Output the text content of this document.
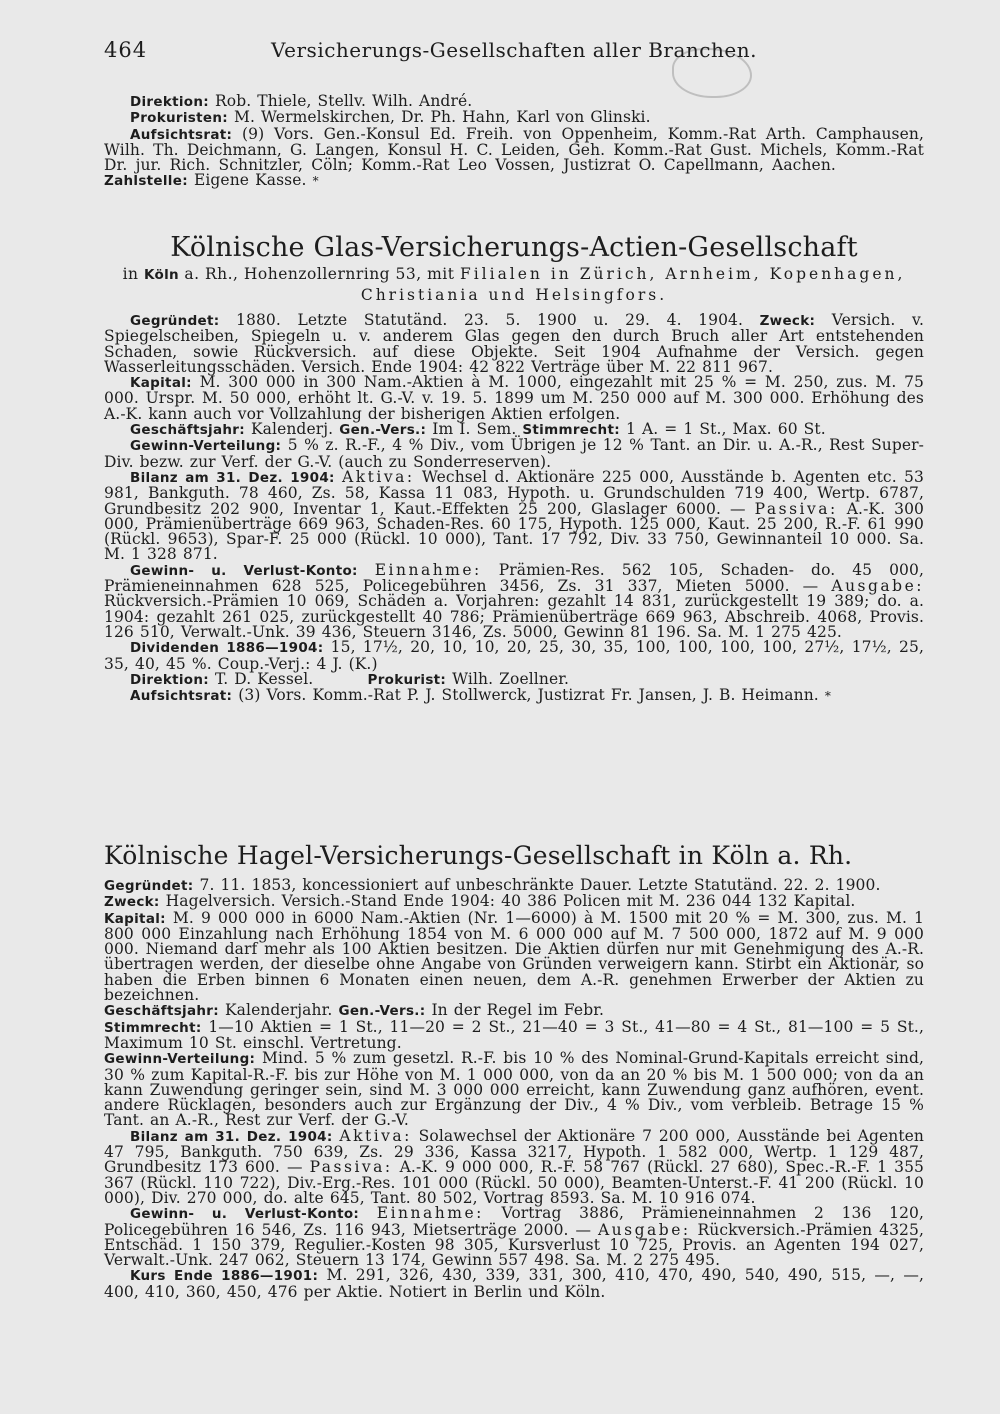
464	Versicherungs-Gesellschaften aller Branchen.

Direktion: Rob. Thiele, Stellv. Wilh. André.

Prokuristen: M. Wermelskirchen, Dr. Ph. Hahn, Karl von Glinski.

Aufsichtsrat: (9) Vors. Gen.-Konsul Ed. Freih. von Oppenheim, Komm.-Rat Arth. Camphausen, Wilh. Th. Deichmann, G. Langen, Konsul H. C. Leiden, Geh. Komm.-Rat Gust. Michels, Komm.-Rat Dr. jur. Rich. Schnitzler, Cöln; Komm.-Rat Leo Vossen, Justizrat O. Capellmann, Aachen.            Zahlstelle: Eigene Kasse. *

Kölnische Glas-Versicherungs-Actien-Gesellschaft

in Köln a. Rh., Hohenzollernring 53, mit Filialen in Zürich, Arnheim, Kopenhagen, Christiania und Helsingfors.

Gegründet: 1880. Letzte Statutänd. 23. 5. 1900 u. 29. 4. 1904. Zweck: Versich. v. Spiegelscheiben, Spiegeln u. v. anderem Glas gegen den durch Bruch aller Art entstehenden Schaden, sowie Rückversich. auf diese Objekte. Seit 1904 Aufnahme der Versich. gegen Wasserleitungsschäden. Versich. Ende 1904: 42 822 Verträge über M. 22 811 967.

Kapital: M. 300 000 in 300 Nam.-Aktien à M. 1000, eingezahlt mit 25 % = M. 250, zus. M. 75 000. Urspr. M. 50 000, erhöht lt. G.-V. v. 19. 5. 1899 um M. 250 000 auf M. 300 000. Erhöhung des A.-K. kann auch vor Vollzahlung der bisherigen Aktien erfolgen.

Geschäftsjahr: Kalenderj. Gen.-Vers.: Im I. Sem. Stimmrecht: 1 A. = 1 St., Max. 60 St.

Gewinn-Verteilung: 5 % z. R.-F., 4 % Div., vom Übrigen je 12 % Tant. an Dir. u. A.-R., Rest Super-Div. bezw. zur Verf. der G.-V. (auch zu Sonderreserven).

Bilanz am 31. Dez. 1904: Aktiva: Wechsel d. Aktionäre 225 000, Ausstände b. Agenten etc. 53 981, Bankguth. 78 460, Zs. 58, Kassa 11 083, Hypoth. u. Grundschulden 719 400, Wertp. 6787, Grundbesitz 202 900, Inventar 1, Kaut.-Effekten 25 200, Glaslager 6000. — Passiva: A.-K. 300 000, Prämienüberträge 669 963, Schaden-Res. 60 175, Hypoth. 125 000, Kaut. 25 200, R.-F. 61 990 (Rückl. 9653), Spar-F. 25 000 (Rückl. 10 000), Tant. 17 792, Div. 33 750, Gewinnanteil 10 000. Sa. M. 1 328 871.

Gewinn- u. Verlust-Konto: Einnahme: Prämien-Res. 562 105, Schaden- do. 45 000, Prämieneinnahmen 628 525, Policegebühren 3456, Zs. 31 337, Mieten 5000. — Ausgabe: Rückversich.-Prämien 10 069, Schäden a. Vorjahren: gezahlt 14 831, zurückgestellt 19 389; do. a. 1904: gezahlt 261 025, zurückgestellt 40 786; Prämienüberträge 669 963, Abschreib. 4068, Provis. 126 510, Verwalt.-Unk. 39 436, Steuern 3146, Zs. 5000, Gewinn 81 196. Sa. M. 1 275 425.

Dividenden 1886—1904: 15, 17½, 20, 10, 10, 20, 25, 30, 35, 100, 100, 100, 100, 27½, 17½, 25, 35, 40, 45 %. Coup.-Verj.: 4 J. (K.)

Direktion: T. D. Kessel.	Prokurist: Wilh. Zoellner.

Aufsichtsrat: (3) Vors. Komm.-Rat P. J. Stollwerck, Justizrat Fr. Jansen, J. B. Heimann. *

Kölnische Hagel-Versicherungs-Gesellschaft in Köln a. Rh.

Gegründet: 7. 11. 1853, koncessioniert auf unbeschränkte Dauer. Letzte Statutänd. 22. 2. 1900.

Zweck: Hagelversich. Versich.-Stand Ende 1904: 40 386 Policen mit M. 236 044 132 Kapital.

Kapital: M. 9 000 000 in 6000 Nam.-Aktien (Nr. 1—6000) à M. 1500 mit 20 % = M. 300, zus. M. 1 800 000 Einzahlung nach Erhöhung 1854 von M. 6 000 000 auf M. 7 500 000, 1872 auf M. 9 000 000. Niemand darf mehr als 100 Aktien besitzen. Die Aktien dürfen nur mit Genehmigung des A.-R. übertragen werden, der dieselbe ohne Angabe von Gründen verweigern kann. Stirbt ein Aktionär, so haben die Erben binnen 6 Monaten einen neuen, dem A.-R. genehmen Erwerber der Aktien zu bezeichnen.

Geschäftsjahr: Kalenderjahr. Gen.-Vers.: In der Regel im Febr.

Stimmrecht: 1—10 Aktien = 1 St., 11—20 = 2 St., 21—40 = 3 St., 41—80 = 4 St., 81—100 = 5 St., Maximum 10 St. einschl. Vertretung.

Gewinn-Verteilung: Mind. 5 % zum gesetzl. R.-F. bis 10 % des Nominal-Grund-Kapitals erreicht sind, 30 % zum Kapital-R.-F. bis zur Höhe von M. 1 000 000, von da an 20 % bis M. 1 500 000; von da an kann Zuwendung geringer sein, sind M. 3 000 000 erreicht, kann Zuwendung ganz aufhören, event. andere Rücklagen, besonders auch zur Ergänzung der Div., 4 % Div., vom verbleib. Betrage 15 % Tant. an A.-R., Rest zur Verf. der G.-V.

Bilanz am 31. Dez. 1904: Aktiva: Solawechsel der Aktionäre 7 200 000, Ausstände bei Agenten 47 795, Bankguth. 750 639, Zs. 29 336, Kassa 3217, Hypoth. 1 582 000, Wertp. 1 129 487, Grundbesitz 173 600. — Passiva: A.-K. 9 000 000, R.-F. 58 767 (Rückl. 27 680), Spec.-R.-F. 1 355 367 (Rückl. 110 722), Div.-Erg.-Res. 101 000 (Rückl. 50 000), Beamten-Unterst.-F. 41 200 (Rückl. 10 000), Div. 270 000, do. alte 645, Tant. 80 502, Vortrag 8593. Sa. M. 10 916 074.

Gewinn- u. Verlust-Konto: Einnahme: Vortrag 3886, Prämieneinnahmen 2 136 120, Policegebühren 16 546, Zs. 116 943, Mietserträge 2000. — Ausgabe: Rückversich.-Prämien 4325, Entschäd. 1 150 379, Regulier.-Kosten 98 305, Kursverlust 10 725, Provis. an Agenten 194 027, Verwalt.-Unk. 247 062, Steuern 13 174, Gewinn 557 498. Sa. M. 2 275 495.

Kurs Ende 1886—1901: M. 291, 326, 430, 339, 331, 300, 410, 470, 490, 540, 490, 515, —, —, 400, 410, 360, 450, 476 per Aktie. Notiert in Berlin und Köln.
